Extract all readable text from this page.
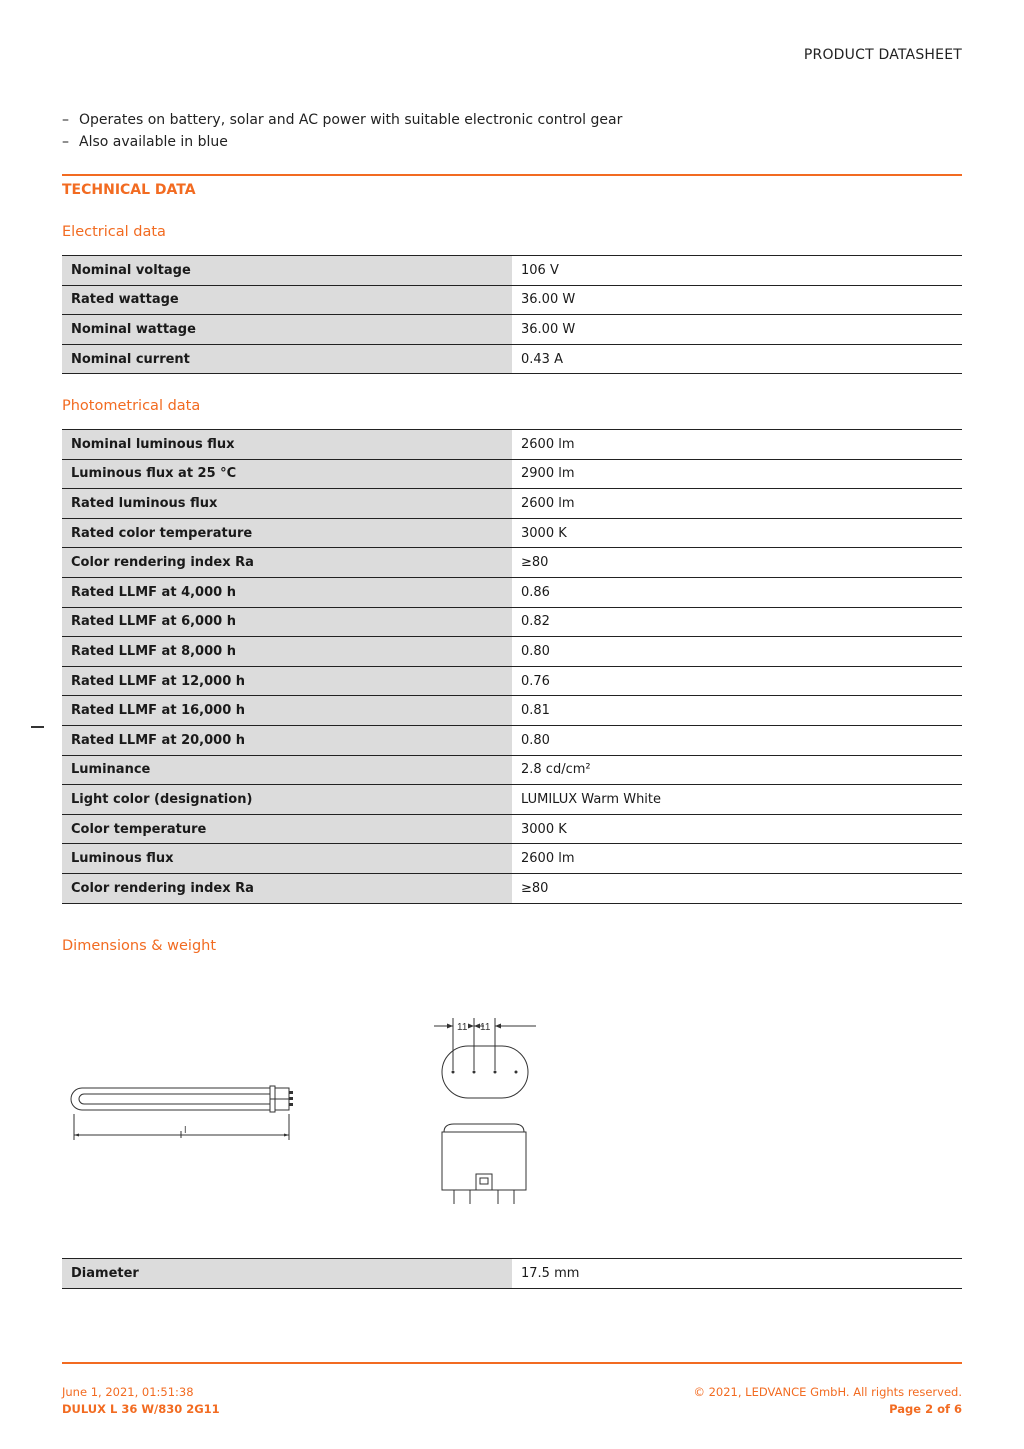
PRODUCT DATASHEET
– Operates on battery, solar and AC power with suitable electronic control gear
– Also available in blue
TECHNICAL DATA
Electrical data
Nominal voltage	106 V
Rated wattage	36.00 W
Nominal wattage	36.00 W
Nominal current	0.43 A
Photometrical data
Nominal luminous flux	2600 lm
Luminous flux at 25 °C	2900 lm
Rated luminous flux	2600 lm
Rated color temperature	3000 K
Color rendering index Ra	≥80
Rated LLMF at 4,000 h	0.86
Rated LLMF at 6,000 h	0.82
Rated LLMF at 8,000 h	0.80
Rated LLMF at 12,000 h	0.76
Rated LLMF at 16,000 h	0.81
Rated LLMF at 20,000 h	0.80
Luminance	2.8 cd/cm²
Light color (designation)	LUMILUX Warm White
Color temperature	3000 K
Luminous flux	2600 lm
Color rendering index Ra	≥80
Dimensions & weight
l
11 11
Diameter	17.5 mm
June 1, 2021, 01:51:38
DULUX L 36 W/830 2G11
© 2021, LEDVANCE GmbH. All rights reserved.
Page 2 of 6
